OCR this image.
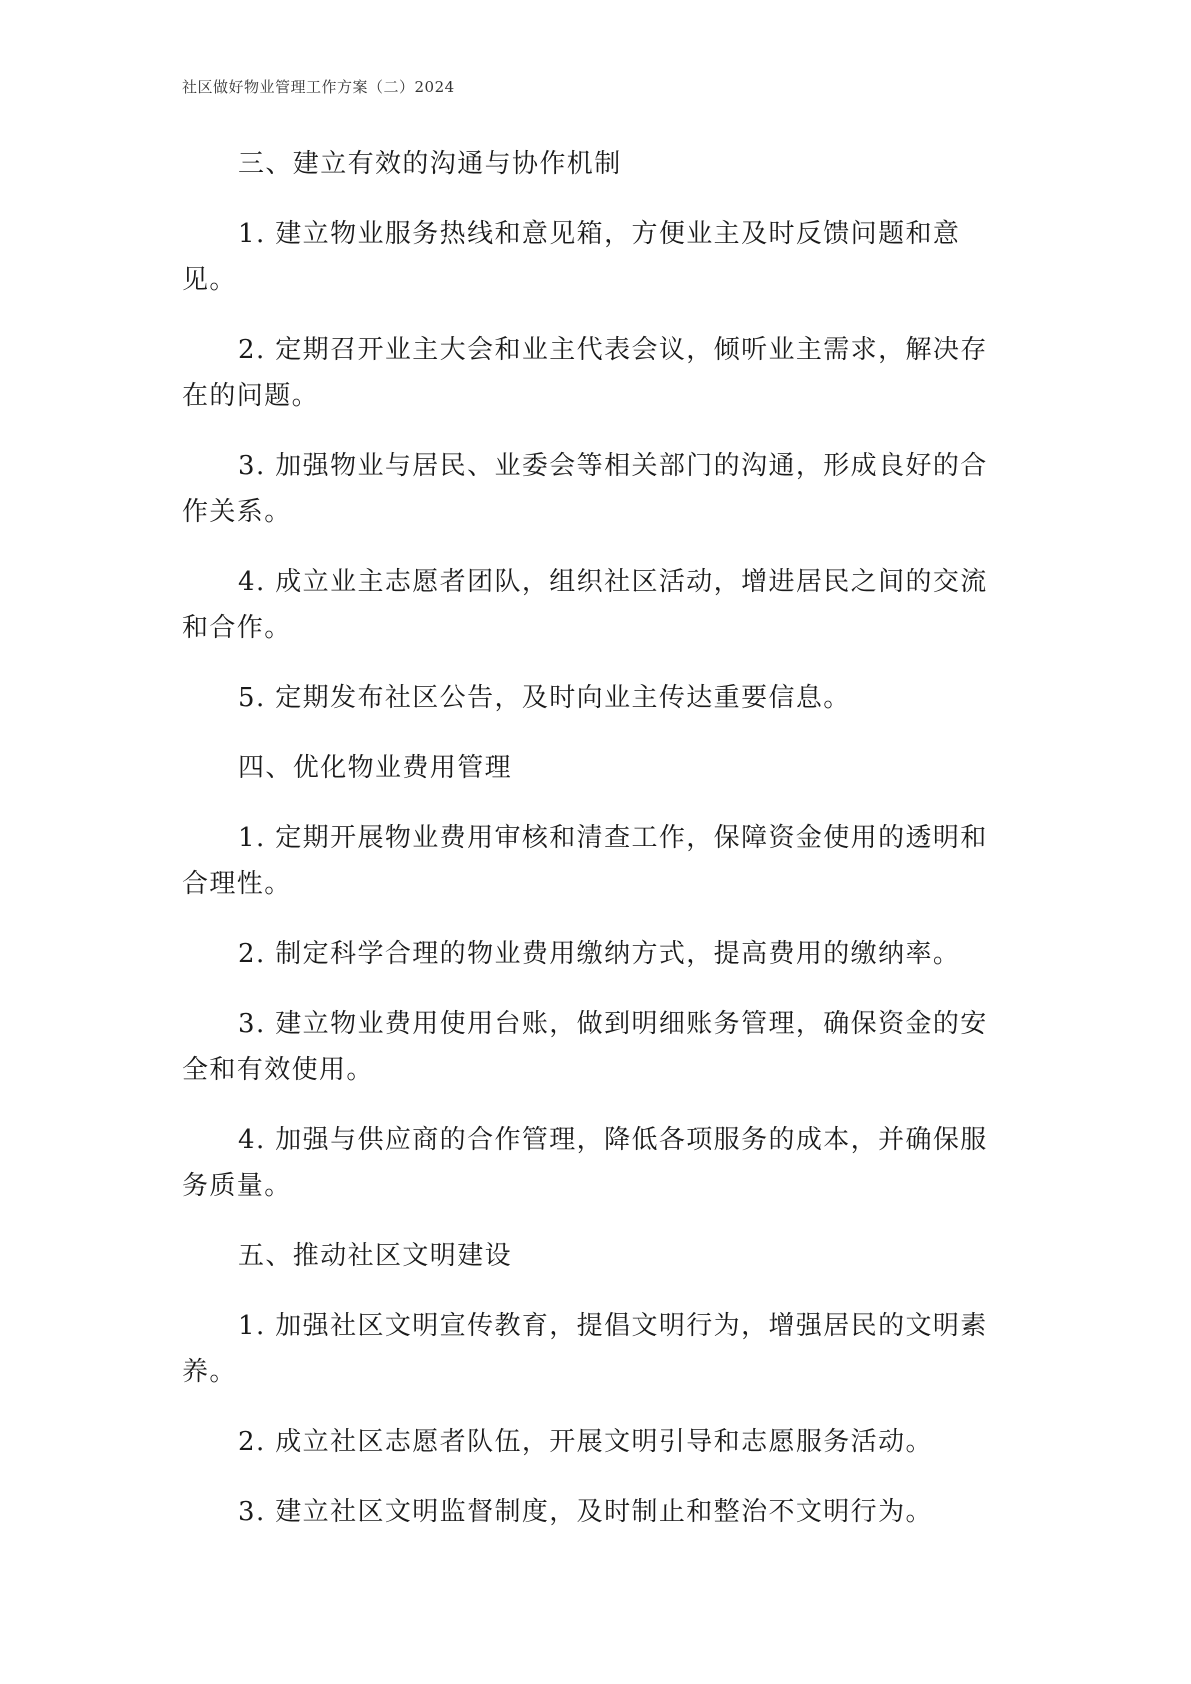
社区做好物业管理工作方案（二）2024

三、建立有效的沟通与协作机制

1. 建立物业服务热线和意见箱，方便业主及时反馈问题和意见。

2. 定期召开业主大会和业主代表会议，倾听业主需求，解决存在的问题。

3. 加强物业与居民、业委会等相关部门的沟通，形成良好的合作关系。

4. 成立业主志愿者团队，组织社区活动，增进居民之间的交流和合作。

5. 定期发布社区公告，及时向业主传达重要信息。

四、优化物业费用管理

1. 定期开展物业费用审核和清查工作，保障资金使用的透明和合理性。

2. 制定科学合理的物业费用缴纳方式，提高费用的缴纳率。

3. 建立物业费用使用台账，做到明细账务管理，确保资金的安全和有效使用。

4. 加强与供应商的合作管理，降低各项服务的成本，并确保服务质量。

五、推动社区文明建设

1. 加强社区文明宣传教育，提倡文明行为，增强居民的文明素养。

2. 成立社区志愿者队伍，开展文明引导和志愿服务活动。

3. 建立社区文明监督制度，及时制止和整治不文明行为。
